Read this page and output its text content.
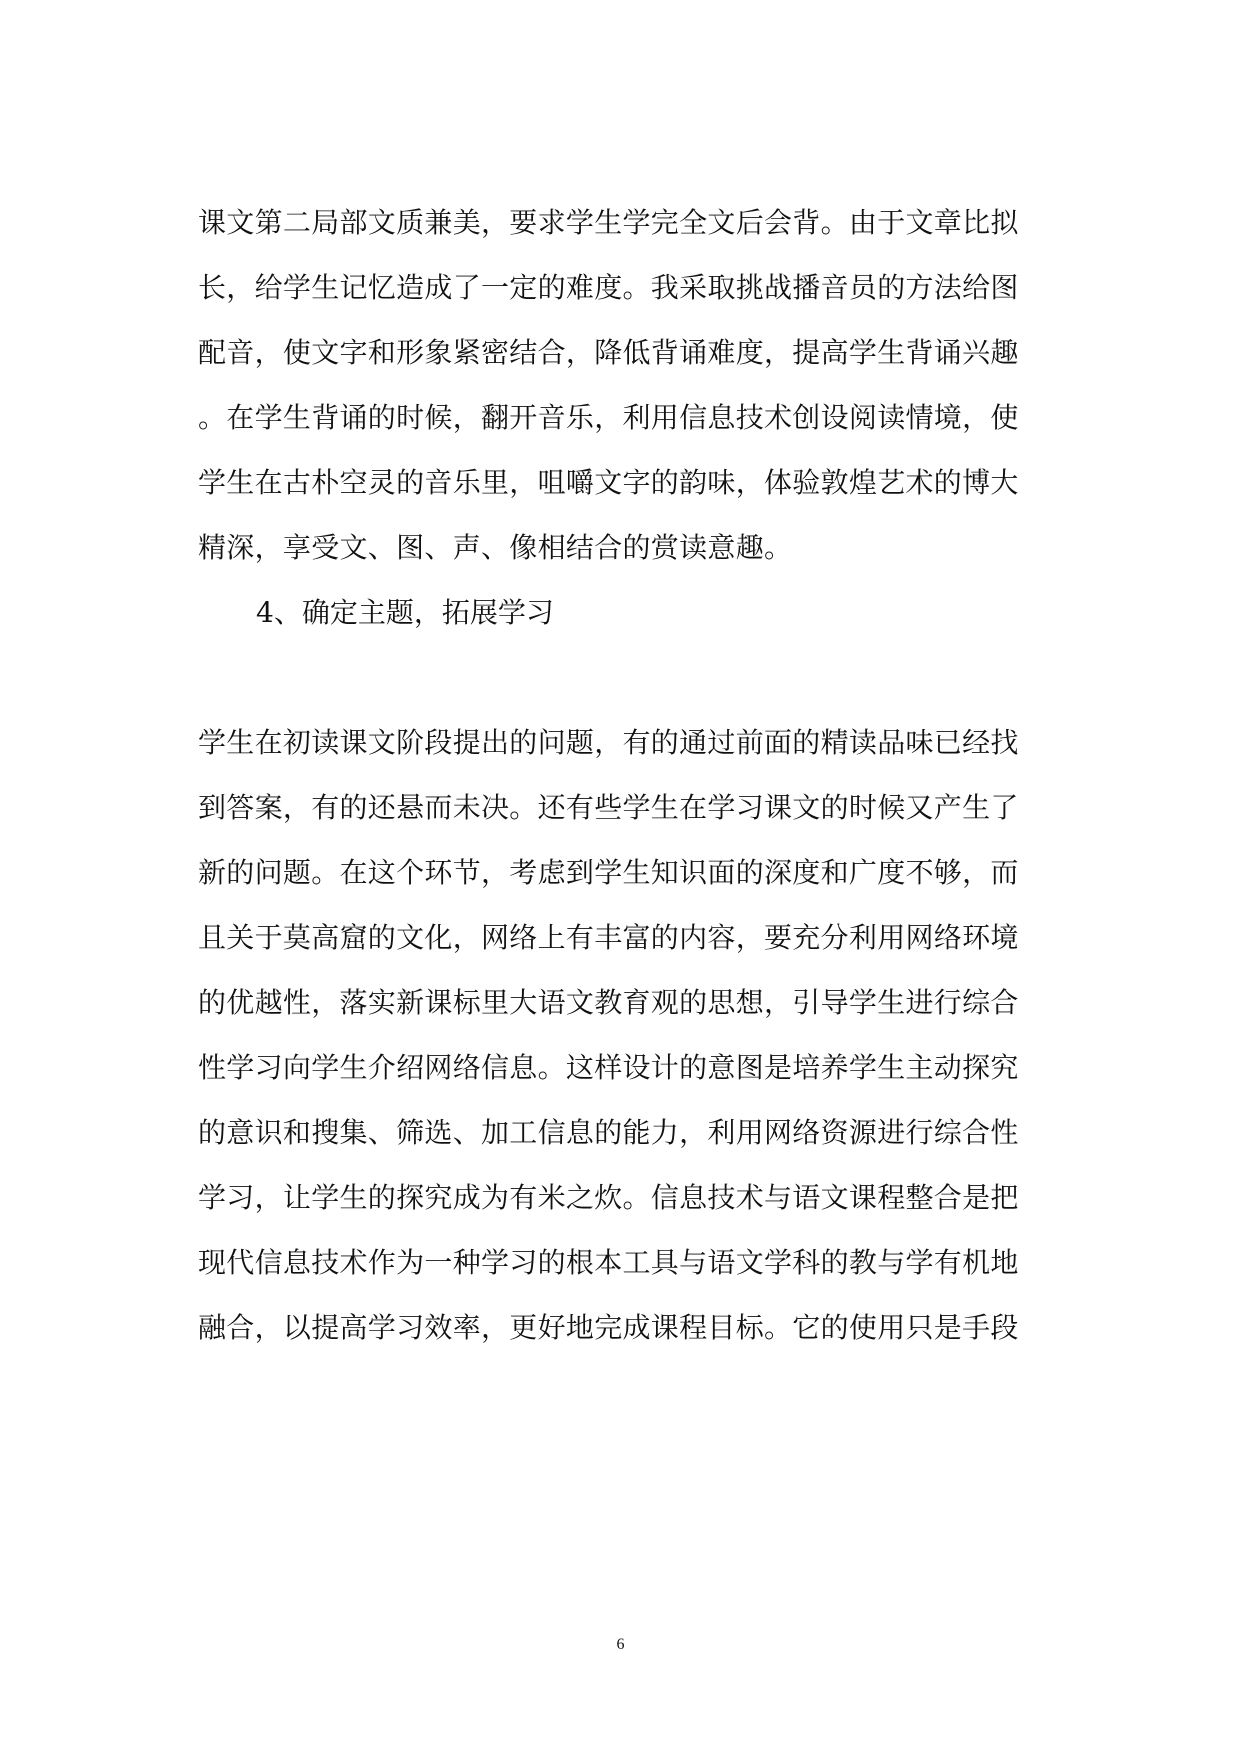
课文第二局部文质兼美，要求学生学完全文后会背。由于文章比拟
长，给学生记忆造成了一定的难度。我采取挑战播音员的方法给图
配音，使文字和形象紧密结合，降低背诵难度，提高学生背诵兴趣
。在学生背诵的时候，翻开音乐，利用信息技术创设阅读情境，使
学生在古朴空灵的音乐里，咀嚼文字的韵味，体验敦煌艺术的博大
精深，享受文、图、声、像相结合的赏读意趣。
4、确定主题，拓展学习
学生在初读课文阶段提出的问题，有的通过前面的精读品味已经找
到答案，有的还悬而未决。还有些学生在学习课文的时候又产生了
新的问题。在这个环节，考虑到学生知识面的深度和广度不够，而
且关于莫高窟的文化，网络上有丰富的内容，要充分利用网络环境
的优越性，落实新课标里大语文教育观的思想，引导学生进行综合
性学习向学生介绍网络信息。这样设计的意图是培养学生主动探究
的意识和搜集、筛选、加工信息的能力，利用网络资源进行综合性
学习，让学生的探究成为有米之炊。信息技术与语文课程整合是把
现代信息技术作为一种学习的根本工具与语文学科的教与学有机地
融合，以提高学习效率，更好地完成课程目标。它的使用只是手段
6
